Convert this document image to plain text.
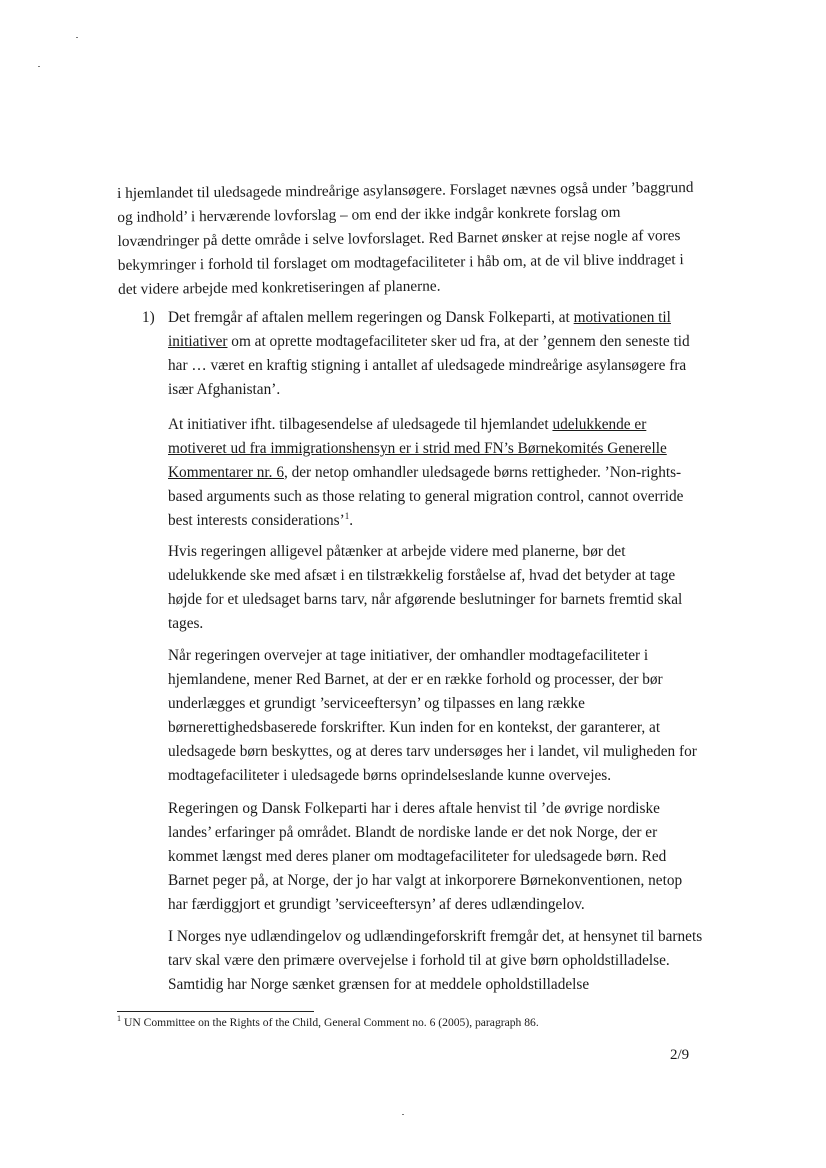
i hjemlandet til uledsagede mindreårige asylansøgere. Forslaget nævnes også under ’baggrund og indhold’ i herværende lovforslag – om end der ikke indgår konkrete forslag om lovændringer på dette område i selve lovforslaget. Red Barnet ønsker at rejse nogle af vores bekymringer i forhold til forslaget om modtagefaciliteter i håb om, at de vil blive inddraget i det videre arbejde med konkretiseringen af planerne.

1) Det fremgår af aftalen mellem regeringen og Dansk Folkeparti, at motivationen til initiativer om at oprette modtagefaciliteter sker ud fra, at der ’gennem den seneste tid har … været en kraftig stigning i antallet af uledsagede mindreårige asylansøgere fra især Afghanistan’.

At initiativer ifht. tilbagesendelse af uledsagede til hjemlandet udelukkende er motiveret ud fra immigrationshensyn er i strid med FN’s Børnekomités Generelle Kommentarer nr. 6, der netop omhandler uledsagede børns rettigheder. ’Non-rights-based arguments such as those relating to general migration control, cannot override best interests considerations’$^1$.

Hvis regeringen alligevel påtænker at arbejde videre med planerne, bør det udelukkende ske med afsæt i en tilstrækkelig forståelse af, hvad det betyder at tage højde for et uledsaget barns tarv, når afgørende beslutninger for barnets fremtid skal tages.

Når regeringen overvejer at tage initiativer, der omhandler modtagefaciliteter i hjemlandene, mener Red Barnet, at der er en række forhold og processer, der bør underlægges et grundigt ’serviceeftersyn’ og tilpasses en lang række børnerettighedsbaserede forskrifter. Kun inden for en kontekst, der garanterer, at uledsagede børn beskyttes, og at deres tarv undersøges her i landet, vil muligheden for modtagefaciliteter i uledsagede børns oprindelseslande kunne overvejes.

Regeringen og Dansk Folkeparti har i deres aftale henvist til ’de øvrige nordiske landes’ erfaringer på området. Blandt de nordiske lande er det nok Norge, der er kommet længst med deres planer om modtagefaciliteter for uledsagede børn. Red Barnet peger på, at Norge, der jo har valgt at inkorporere Børnekonventionen, netop har færdiggjort et grundigt ’serviceeftersyn’ af deres udlændingelov.

I Norges nye udlændingelov og udlændingeforskrift fremgår det, at hensynet til barnets tarv skal være den primære overvejelse i forhold til at give børn opholdstilladelse. Samtidig har Norge sænket grænsen for at meddele opholdstilladelse

$^1$ UN Committee on the Rights of the Child, General Comment no. 6 (2005), paragraph 86.
2/9
